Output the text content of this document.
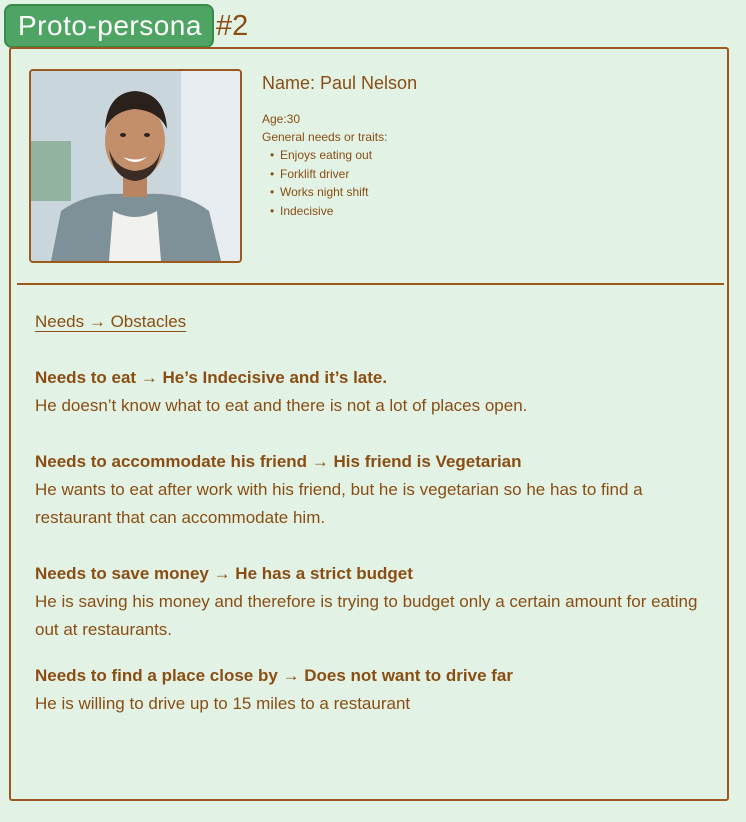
Proto-persona #2
Name: Paul Nelson
Age:30
General needs or traits:
• Enjoys eating out
• Forklift driver
• Works night shift
• Indecisive
Needs → Obstacles
Needs to eat → He’s Indecisive and it’s late.
He doesn’t know what to eat and there is not a lot of places open.
Needs to accommodate his friend → His friend is Vegetarian
He wants to eat after work with his friend, but he is vegetarian so he has to find a restaurant that can accommodate him.
Needs to save money → He has a strict budget
He is saving his money and therefore is trying to budget only a certain amount for eating out at restaurants.
Needs to find a place close by → Does not want to drive far
He is willing to drive up to 15 miles to a restaurant
